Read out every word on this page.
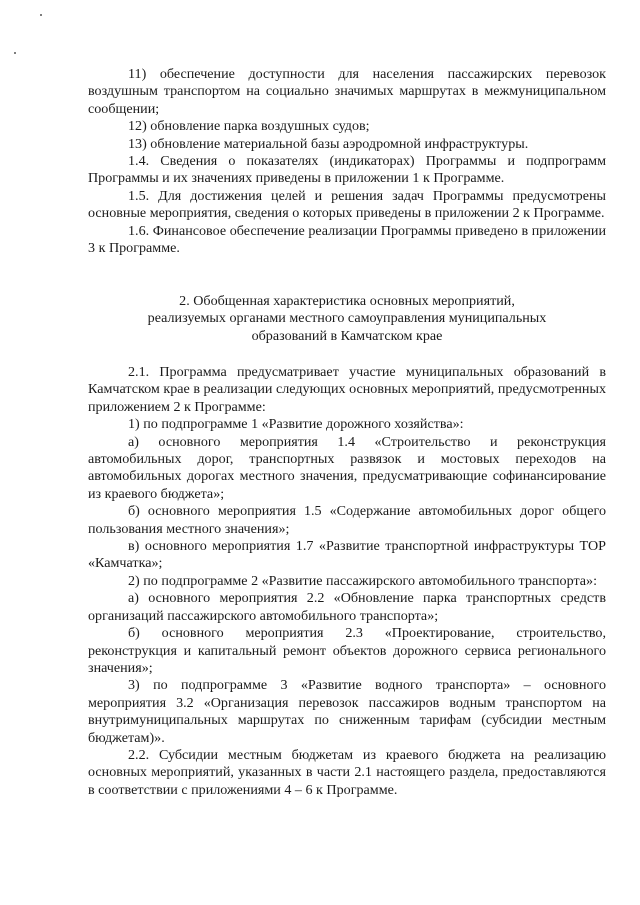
11) обеспечение доступности для населения пассажирских перевозок воздушным транспортом на социально значимых маршрутах в межмуниципальном сообщении;

12) обновление парка воздушных судов;

13) обновление материальной базы аэродромной инфраструктуры.

1.4. Сведения о показателях (индикаторах) Программы и подпрограмм Программы и их значениях приведены в приложении 1 к Программе.

1.5. Для достижения целей и решения задач Программы предусмотрены основные мероприятия, сведения о которых приведены в приложении 2 к Программе.

1.6. Финансовое обеспечение реализации Программы приведено в приложении 3 к Программе.

2. Обобщенная характеристика основных мероприятий,
реализуемых органами местного самоуправления муниципальных
образований в Камчатском крае

2.1. Программа предусматривает участие муниципальных образований в Камчатском крае в реализации следующих основных мероприятий, предусмотренных приложением 2 к Программе:

1) по подпрограмме 1 «Развитие дорожного хозяйства»:

а) основного мероприятия 1.4 «Строительство и реконструкция автомобильных дорог, транспортных развязок и мостовых переходов на автомобильных дорогах местного значения, предусматривающие софинансирование из краевого бюджета»;

б) основного мероприятия 1.5 «Содержание автомобильных дорог общего пользования местного значения»;

в) основного мероприятия 1.7 «Развитие транспортной инфраструктуры ТОР «Камчатка»;

2) по подпрограмме 2 «Развитие пассажирского автомобильного транспорта»:

а) основного мероприятия 2.2 «Обновление парка транспортных средств организаций пассажирского автомобильного транспорта»;

б) основного мероприятия 2.3 «Проектирование, строительство, реконструкция и капитальный ремонт объектов дорожного сервиса регионального значения»;

3) по подпрограмме 3 «Развитие водного транспорта» – основного мероприятия 3.2 «Организация перевозок пассажиров водным транспортом на внутримуниципальных маршрутах по сниженным тарифам (субсидии местным бюджетам)».

2.2. Субсидии местным бюджетам из краевого бюджета на реализацию основных мероприятий, указанных в части 2.1 настоящего раздела, предоставляются в соответствии с приложениями 4 – 6 к Программе.
